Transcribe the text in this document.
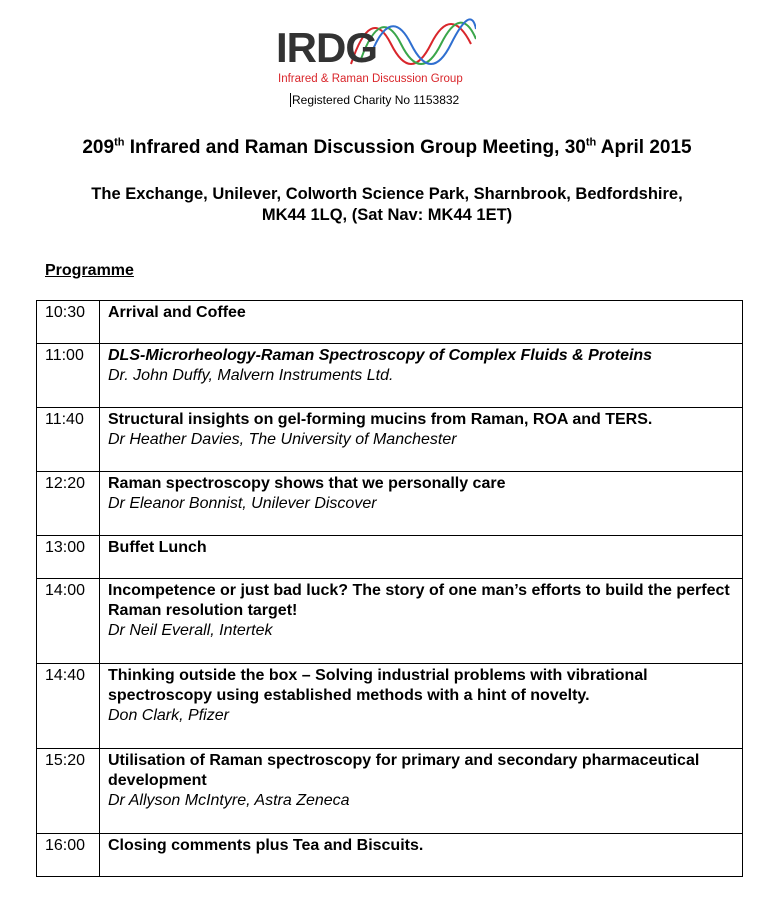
IRDG
Infrared & Raman Discussion Group
Registered Charity No 1153832
209th Infrared and Raman Discussion Group Meeting, 30th April 2015
The Exchange, Unilever, Colworth Science Park, Sharnbrook, Bedfordshire,
MK44 1LQ, (Sat Nav: MK44 1ET)
Programme
10:30	Arrival and Coffee

11:00	DLS-Microrheology-Raman Spectroscopy of Complex Fluids & Proteins
Dr. John Duffy, Malvern Instruments Ltd.

11:40	Structural insights on gel-forming mucins from Raman, ROA and TERS.
Dr Heather Davies, The University of Manchester

12:20	Raman spectroscopy shows that we personally care
Dr Eleanor Bonnist, Unilever Discover

13:00	Buffet Lunch

14:00	Incompetence or just bad luck? The story of one man’s efforts to build the perfect Raman resolution target!
Dr Neil Everall, Intertek

14:40	Thinking outside the box – Solving industrial problems with vibrational spectroscopy using established methods with a hint of novelty.
Don Clark, Pfizer

15:20	Utilisation of Raman spectroscopy for primary and secondary pharmaceutical development
Dr Allyson McIntyre, Astra Zeneca

16:00	Closing comments plus Tea and Biscuits.
